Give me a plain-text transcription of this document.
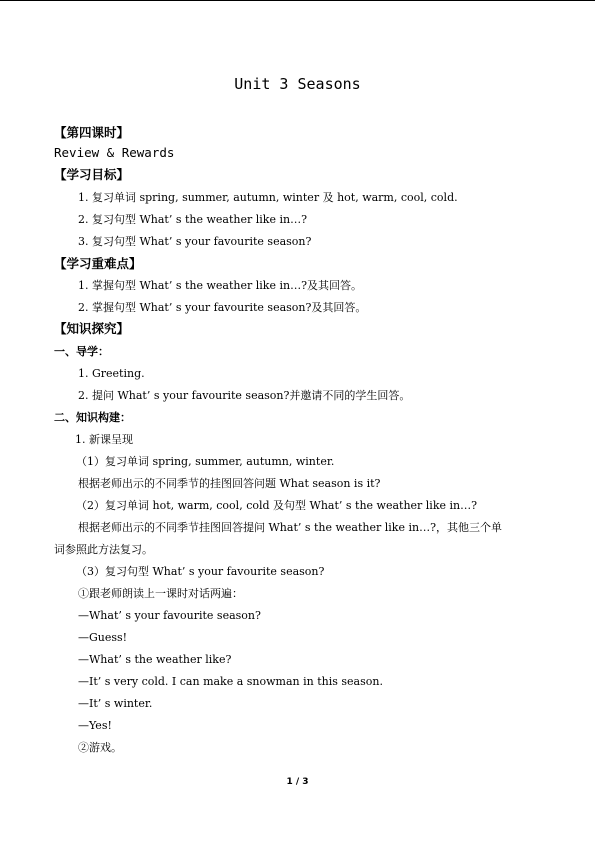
Unit 3 Seasons
【第四课时】
Review & Rewards
【学习目标】
1. 复习单词 spring, summer, autumn, winter 及 hot, warm, cool, cold.
2. 复习句型 What’ s the weather like in…?
3. 复习句型 What’ s your favourite season?
【学习重难点】
1. 掌握句型 What’ s the weather like in…?及其回答。
2. 掌握句型 What’ s your favourite season?及其回答。
【知识探究】
一、导学：
1. Greeting.
2. 提问 What’ s your favourite season?并邀请不同的学生回答。
二、知识构建：
1. 新课呈现
（1）复习单词 spring, summer, autumn, winter.
根据老师出示的不同季节的挂图回答问题 What season is it?
（2）复习单词 hot, warm, cool, cold 及句型 What’ s the weather like in…?
根据老师出示的不同季节挂图回答提问 What’ s the weather like in…?，其他三个单
词参照此方法复习。
（3）复习句型 What’ s your favourite season?
①跟老师朗读上一课时对话两遍：
—What’ s your favourite season?
—Guess!
—What’ s the weather like?
—It’ s very cold. I can make a snowman in this season.
—It’ s winter.
—Yes!
②游戏。
1 / 3
